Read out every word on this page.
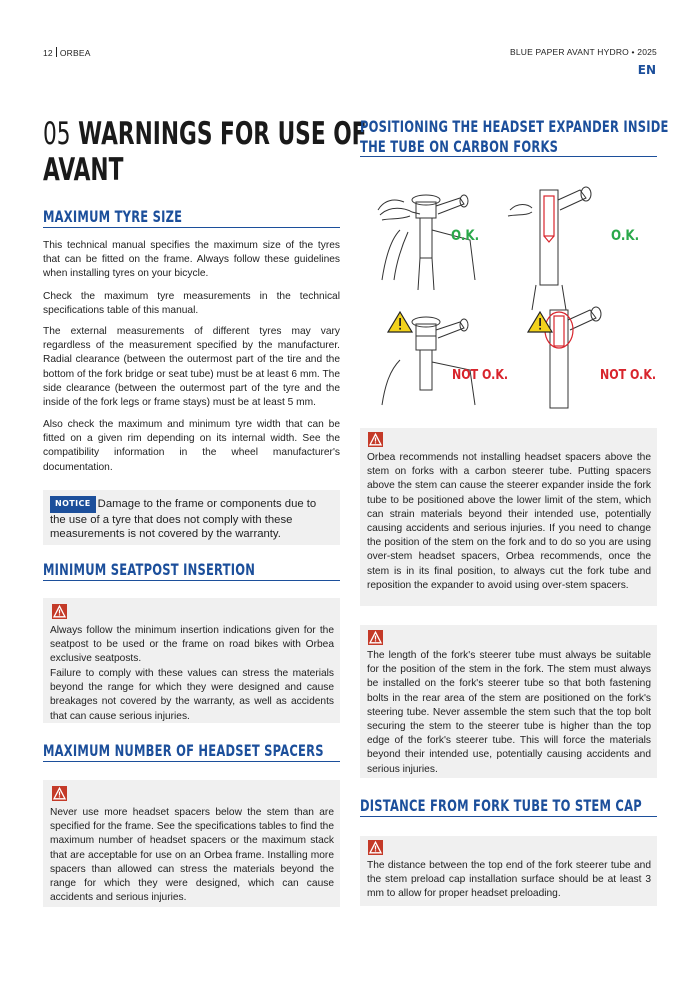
12 ORBEA	BLUE PAPER AVANT HYDRO • 2025
EN
05 WARNINGS FOR USE OF
AVANT
MAXIMUM TYRE SIZE
This technical manual specifies the maximum size of the tyres that can be fitted on the frame. Always follow these guidelines when installing tyres on your bicycle.
Check the maximum tyre measurements in the technical specifications table of this manual.
The external measurements of different tyres may vary regardless of the measurement specified by the manufacturer. Radial clearance (between the outermost part of the tire and the bottom of the fork bridge or seat tube) must be at least 6 mm. The side clearance (between the outermost part of the tyre and the inside of the fork legs or frame stays) must be at least 5 mm.
Also check the maximum and minimum tyre width that can be fitted on a given rim depending on its internal width. See the compatibility information in the wheel manufacturer's documentation.
NOTICE Damage to the frame or components due to the use of a tyre that does not comply with these measurements is not covered by the warranty.
MINIMUM SEATPOST INSERTION
Always follow the minimum insertion indications given for the seatpost to be used or the frame on road bikes with Orbea exclusive seatposts.
Failure to comply with these values can stress the materials beyond the range for which they were designed and cause breakages not covered by the warranty, as well as accidents that can cause serious injuries.
MAXIMUM NUMBER OF HEADSET SPACERS
Never use more headset spacers below the stem than are specified for the frame. See the specifications tables to find the maximum number of headset spacers or the maximum stack that are acceptable for use on an Orbea frame. Installing more spacers than allowed can stress the materials beyond the range for which they were designed, which can cause accidents and serious injuries.
POSITIONING THE HEADSET EXPANDER INSIDE
THE TUBE ON CARBON FORKS
O.K.	O.K.
NOT O.K.	NOT O.K.
Orbea recommends not installing headset spacers above the stem on forks with a carbon steerer tube. Putting spacers above the stem can cause the steerer expander inside the fork tube to be positioned above the lower limit of the stem, which can strain materials beyond their intended use, potentially causing accidents and serious injuries. If you need to change the position of the stem on the fork and to do so you are using over-stem headset spacers, Orbea recommends, once the stem is in its final position, to always cut the fork tube and reposition the expander to avoid using over-stem spacers.
The length of the fork's steerer tube must always be suitable for the position of the stem in the fork. The stem must always be installed on the fork's steerer tube so that both fastening bolts in the rear area of the stem are positioned on the fork's steering tube. Never assemble the stem such that the top bolt securing the stem to the steerer tube is higher than the top edge of the fork's steerer tube. This will force the materials beyond their intended use, potentially causing accidents and serious injuries.
DISTANCE FROM FORK TUBE TO STEM CAP
The distance between the top end of the fork steerer tube and the stem preload cap installation surface should be at least 3 mm to allow for proper headset preloading.
